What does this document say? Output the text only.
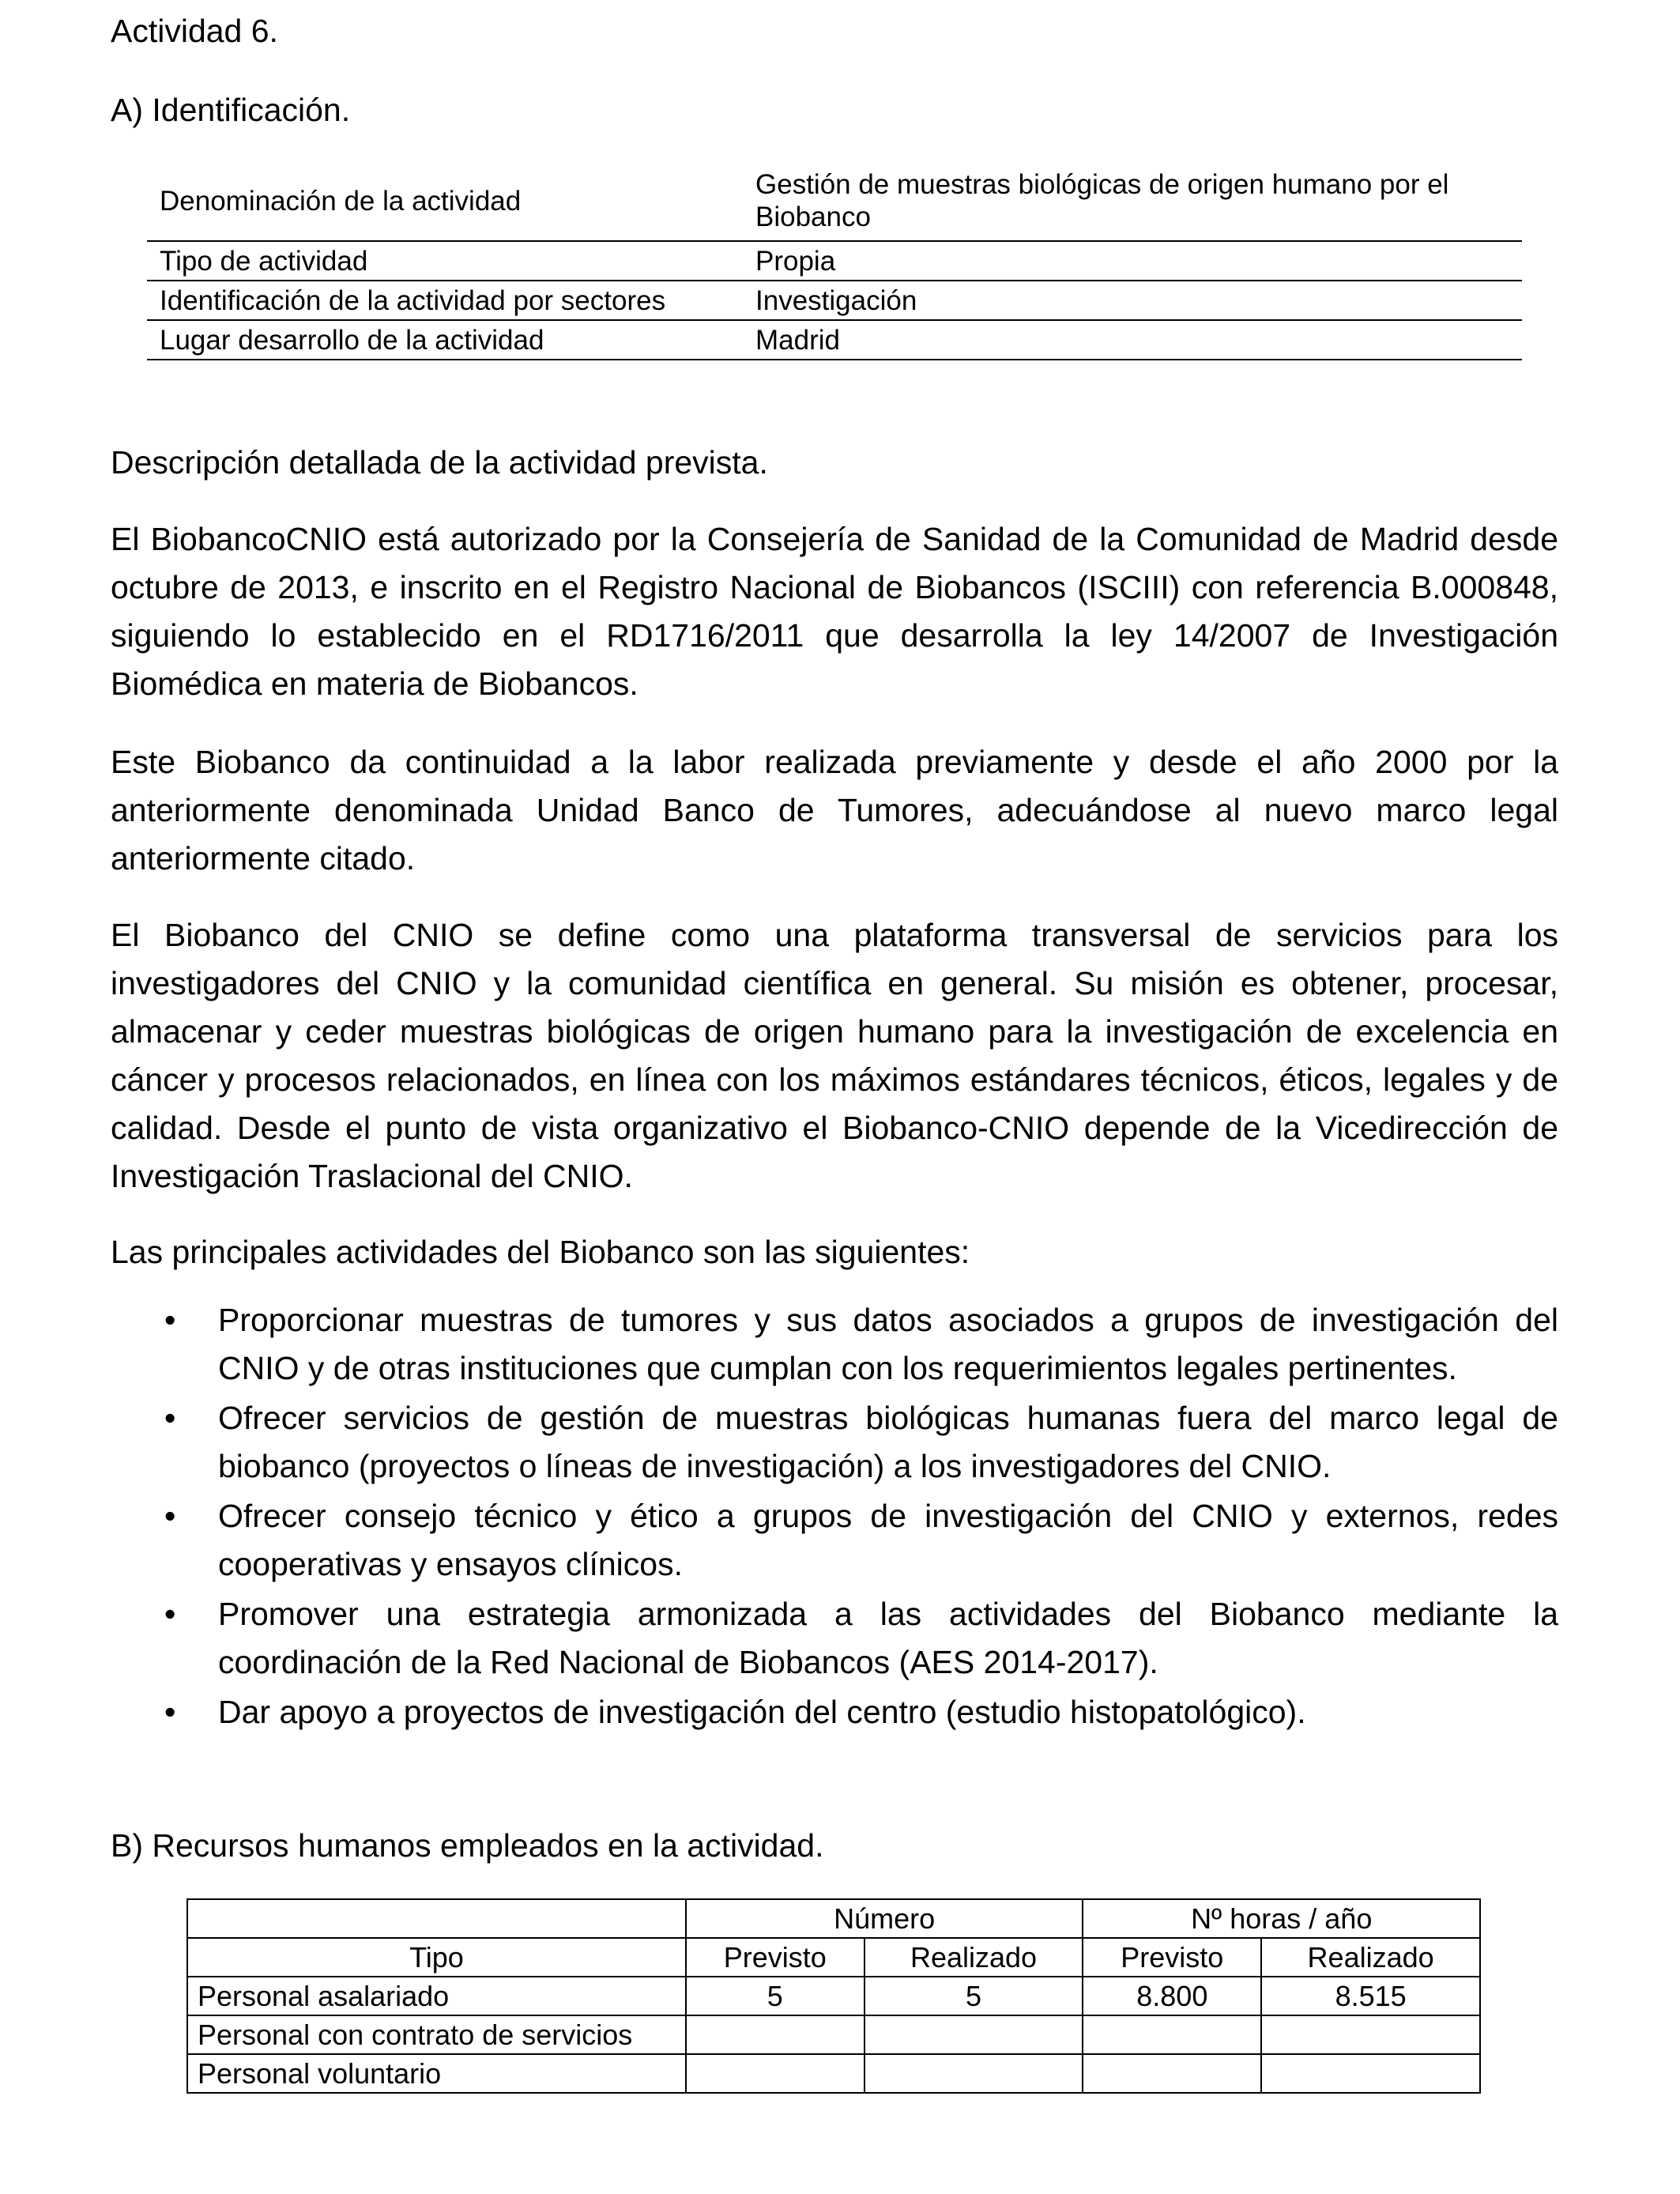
Actividad 6.
A) Identificación.
Denominación de la actividad	Gestión de muestras biológicas de origen humano por el Biobanco
Tipo de actividad	Propia
Identificación de la actividad por sectores	Investigación
Lugar desarrollo de la actividad	Madrid
Descripción detallada de la actividad prevista.

El BiobancoCNIO está autorizado por la Consejería de Sanidad de la Comunidad de Madrid desde octubre de 2013, e inscrito en el Registro Nacional de Biobancos (ISCIII) con referencia B.000848, siguiendo lo establecido en el RD1716/2011 que desarrolla la ley 14/2007 de Investigación Biomédica en materia de Biobancos.

Este Biobanco da continuidad a la labor realizada previamente y desde el año 2000 por la anteriormente denominada Unidad Banco de Tumores, adecuándose al nuevo marco legal anteriormente citado.

El Biobanco del CNIO se define como una plataforma transversal de servicios para los investigadores del CNIO y la comunidad científica en general. Su misión es obtener, procesar, almacenar y ceder muestras biológicas de origen humano para la investigación de excelencia en cáncer y procesos relacionados, en línea con los máximos estándares técnicos, éticos, legales y de calidad. Desde el punto de vista organizativo el Biobanco-CNIO depende de la Vicedirección de Investigación Traslacional del CNIO.

Las principales actividades del Biobanco son las siguientes:

• Proporcionar muestras de tumores y sus datos asociados a grupos de investigación del CNIO y de otras instituciones que cumplan con los requerimientos legales pertinentes.
• Ofrecer servicios de gestión de muestras biológicas humanas fuera del marco legal de biobanco (proyectos o líneas de investigación) a los investigadores del CNIO.
• Ofrecer consejo técnico y ético a grupos de investigación del CNIO y externos, redes cooperativas y ensayos clínicos.
• Promover una estrategia armonizada a las actividades del Biobanco mediante la coordinación de la Red Nacional de Biobancos (AES 2014-2017).
• Dar apoyo a proyectos de investigación del centro (estudio histopatológico).
B) Recursos humanos empleados en la actividad.
	Número		Nº horas / año	
Tipo	Previsto	Realizado	Previsto	Realizado
Personal asalariado	5	5	8.800	8.515
Personal con contrato de servicios				
Personal voluntario				
